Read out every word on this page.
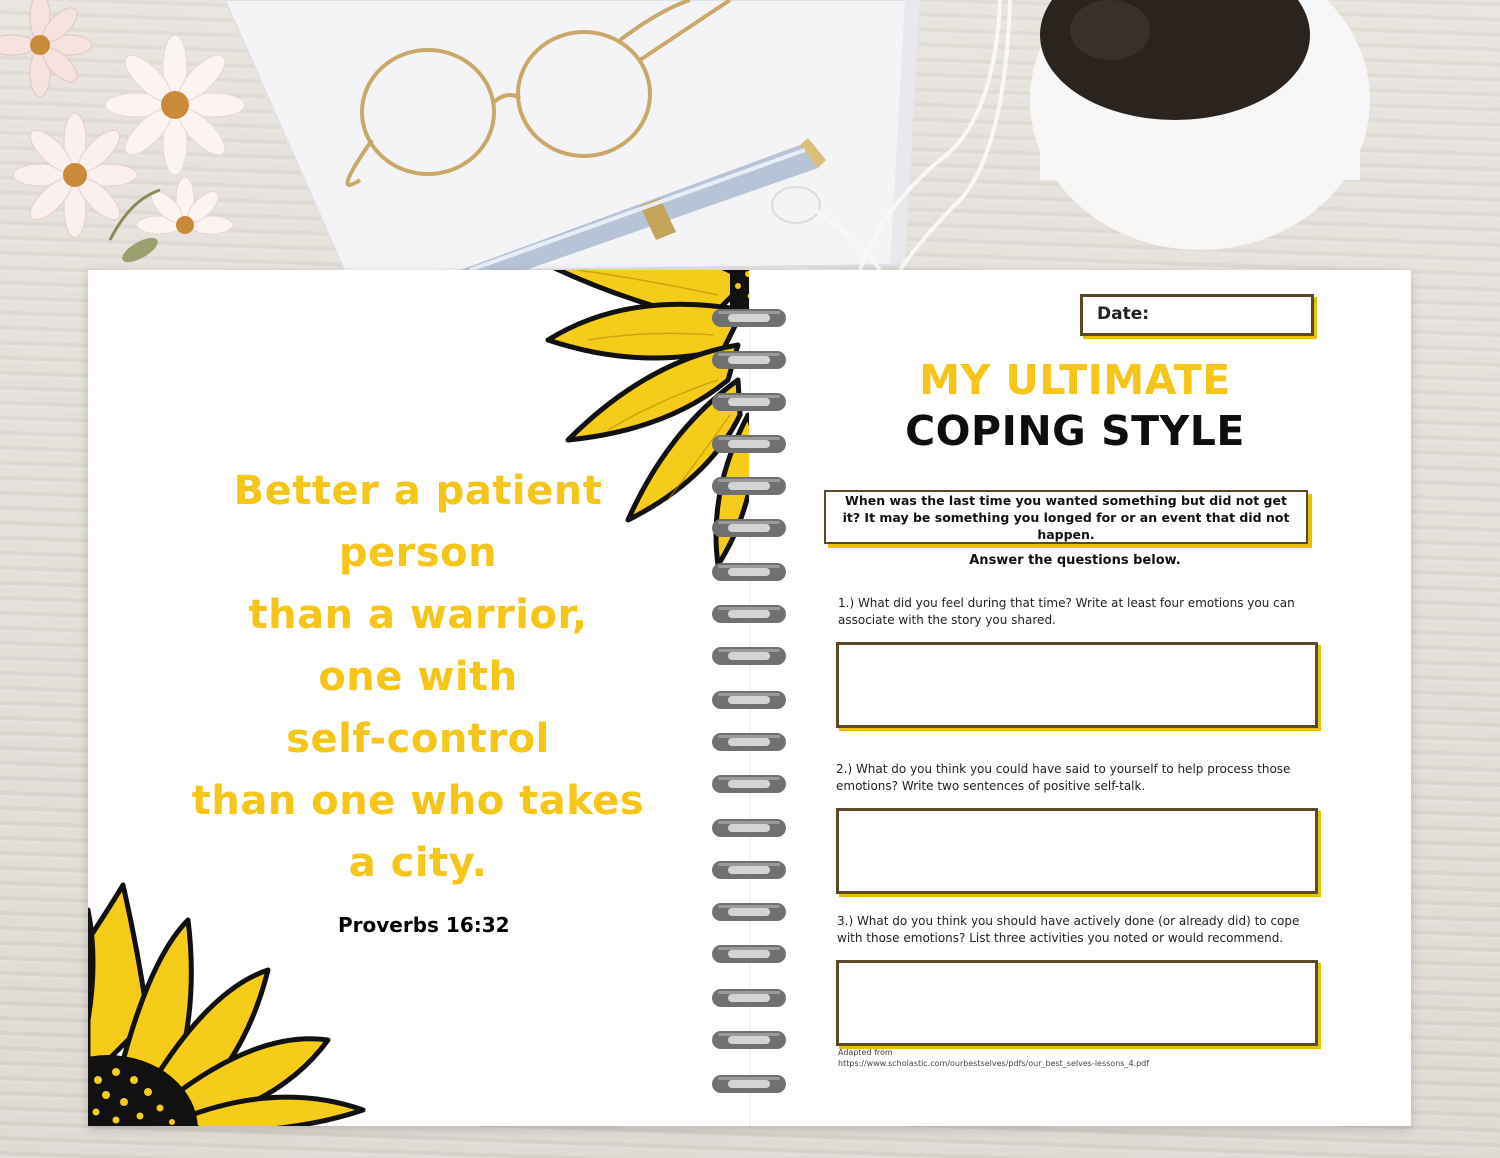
Better a patient
person
than a warrior,
one with
self-control
than one who takes
a city.
Proverbs 16:32
Date:
MY ULTIMATE
COPING STYLE
When was the last time you wanted something but did not get it? It may be something you longed for or an event that did not happen.
Answer the questions below.
1.) What did you feel during that time? Write at least four emotions you can associate with the story you shared.
2.) What do you think you could have said to yourself to help process those emotions? Write two sentences of positive self-talk.
3.) What do you think you should have actively done (or already did) to cope with those emotions? List three activities you noted or would recommend.
Adapted from
https://www.scholastic.com/ourbestselves/pdfs/our_best_selves-lessons_4.pdf
